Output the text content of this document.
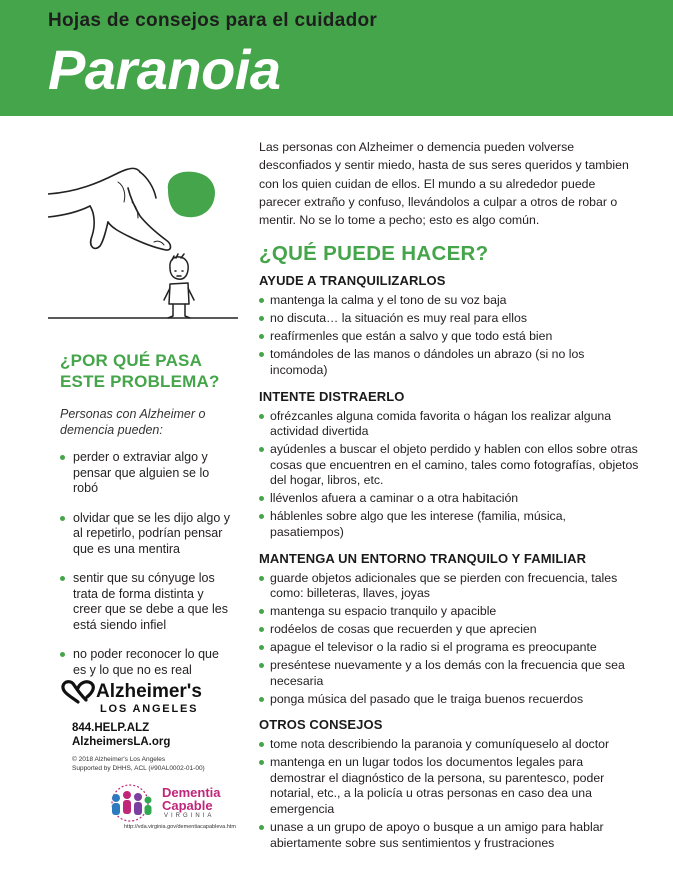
Hojas de consejos para el cuidador
Paranoia
¿POR QUÉ PASA
ESTE PROBLEMA?

Personas con Alzheimer o demencia pueden:

perder o extraviar algo y pensar que alguien se lo robó
olvidar que se les dijo algo y al repetirlo, podrían pensar que es una mentira
sentir que su cónyuge los trata de forma distinta y creer que se debe a que les está siendo infiel
no poder reconocer lo que es y lo que no es real
Alzheimer's
LOS ANGELES
844.HELP.ALZ
AlzheimersLA.org
© 2018 Alzheimer's Los Angeles
Supported by DHHS, ACL (#90AL0002-01-00)
Dementia
Capable
VIRGINIA
http://vda.virginia.gov/dementiacapableva.htm

Las personas con Alzheimer o demencia pueden volverse desconfiados y sentir miedo, hasta de sus seres queridos y tambien con los quien cuidan de ellos. El mundo a su alrededor puede parecer extraño y confuso, llevándolos a culpar a otros de robar o mentir. No se lo tome a pecho; esto es algo común.

¿QUÉ PUEDE HACER?
AYUDE A TRANQUILIZARLOS
mantenga la calma y el tono de su voz baja
no discuta… la situación es muy real para ellos
reafírmenles que están a salvo y que todo está bien
tomándoles de las manos o dándoles un abrazo (si no los incomoda)
INTENTE DISTRAERLO
ofrézcanles alguna comida favorita o hágan los realizar alguna actividad divertida
ayúdenles a buscar el objeto perdido y hablen con ellos sobre otras cosas que encuentren en el camino, tales como fotografías, objetos del hogar, libros, etc.
llévenlos afuera a caminar o a otra habitación
háblenles sobre algo que les interese (familia, música, pasatiempos)
MANTENGA UN ENTORNO TRANQUILO Y FAMILIAR
guarde objetos adicionales que se pierden con frecuencia, tales como: billeteras, llaves, joyas
mantenga su espacio tranquilo y apacible
rodéelos de cosas que recuerden y que aprecien
apague el televisor o la radio si el programa es preocupante
preséntese nuevamente y a los demás con la frecuencia que sea necesaria
ponga música del pasado que le traiga buenos recuerdos
OTROS CONSEJOS
tome nota describiendo la paranoia y comuníqueselo al doctor
mantenga en un lugar todos los documentos legales para demostrar el diagnóstico de la persona, su parentesco, poder notarial, etc., a la policía u otras personas en caso dea una emergencia
unase a un grupo de apoyo o busque a un amigo para hablar abiertamente sobre sus sentimientos y frustraciones
